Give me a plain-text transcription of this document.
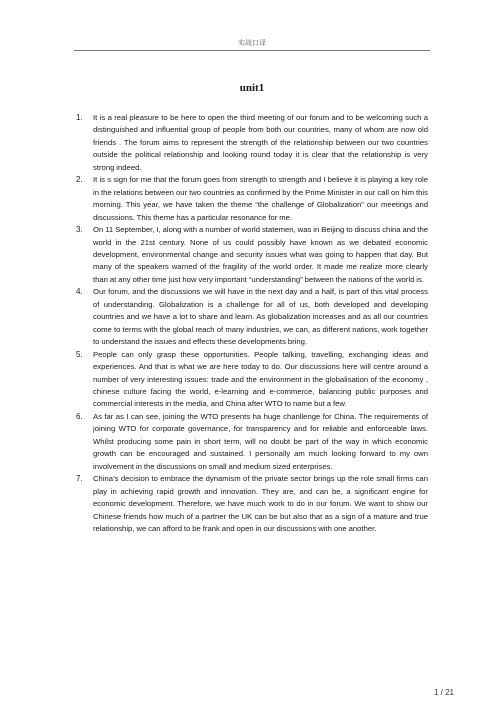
实战口译
unit1
1. It is a real pleasure to be here to open the third meeting of our forum and to be welcoming such a distinguished and influential group of people from both our countries, many of whom are now old friends . The forum aims to represent the strength of the relationship between our two countries outside the political relationship and looking round today it is clear that the relationship is very strong indeed.
2. It is s sign for me that the forum goes from strength to strength and I believe it is playing a key role in the relations between our two countries as confirmed by the Prime Minister in our call on him this morning. This year, we have taken the theme “the challenge of Globalization” our meetings and discussions. This theme has a particular resonance for me.
3. On 11 September, I, along with a number of world statemen, was in Beijing to discuss china and the world in the 21st century. None of us could possibly have known as we debated economic development, environmental change and security issues what was going to happen that day. But many of the speakers warned of the fragility of the world order. It made me realize more clearly than at any other time just how very important “understanding” between the nations of the world is.
4. Our forum, and the discussions we will have in the next day and a half, is part of this vital process of understanding. Globalization is a challenge for all of us, both developed and developing countries and we have a lot to share and learn. As globalization increases and as all our countries come to terms with the global reach of many industries, we can, as different nations, work together to understand the issues and effects these developments bring.
5. People can only grasp these opportunities. People talking, travelling, exchanging ideas and experiences. And that is what we are here today to do. Our discussions here will centre around a number of very interesting issues: trade and the environment in the globalisation of the economy , chinese culture facing the world, e-learning and e-commerce, balancing public purposes and commercial interests in the media, and China after WTO to name but a few.
6. As far as I can see, joining the WTO presents ha huge chanllenge for China. The requirements of joining WTO for corporate governance, for transparency and for reliable and enforceable laws. Whilst producing some pain in short term, will no doubt be part of the way in which economic growth can be encouraged and sustained. I personally am much looking forward to my own involvement in the discussions on small and medium sized enterprises.
7. China’s decision to embrace the dynamism of the private sector brings up the role small firms can play in achieving rapid growth and innovation. They are, and can be, a significant engine for economic development. Therefore, we have much work to do in our forum. We want to show our Chinese friends how much of a partner the UK can be but also that as a sign of a mature and true relationship, we can afford to be frank and open in our discussions with one another.
1 / 21
